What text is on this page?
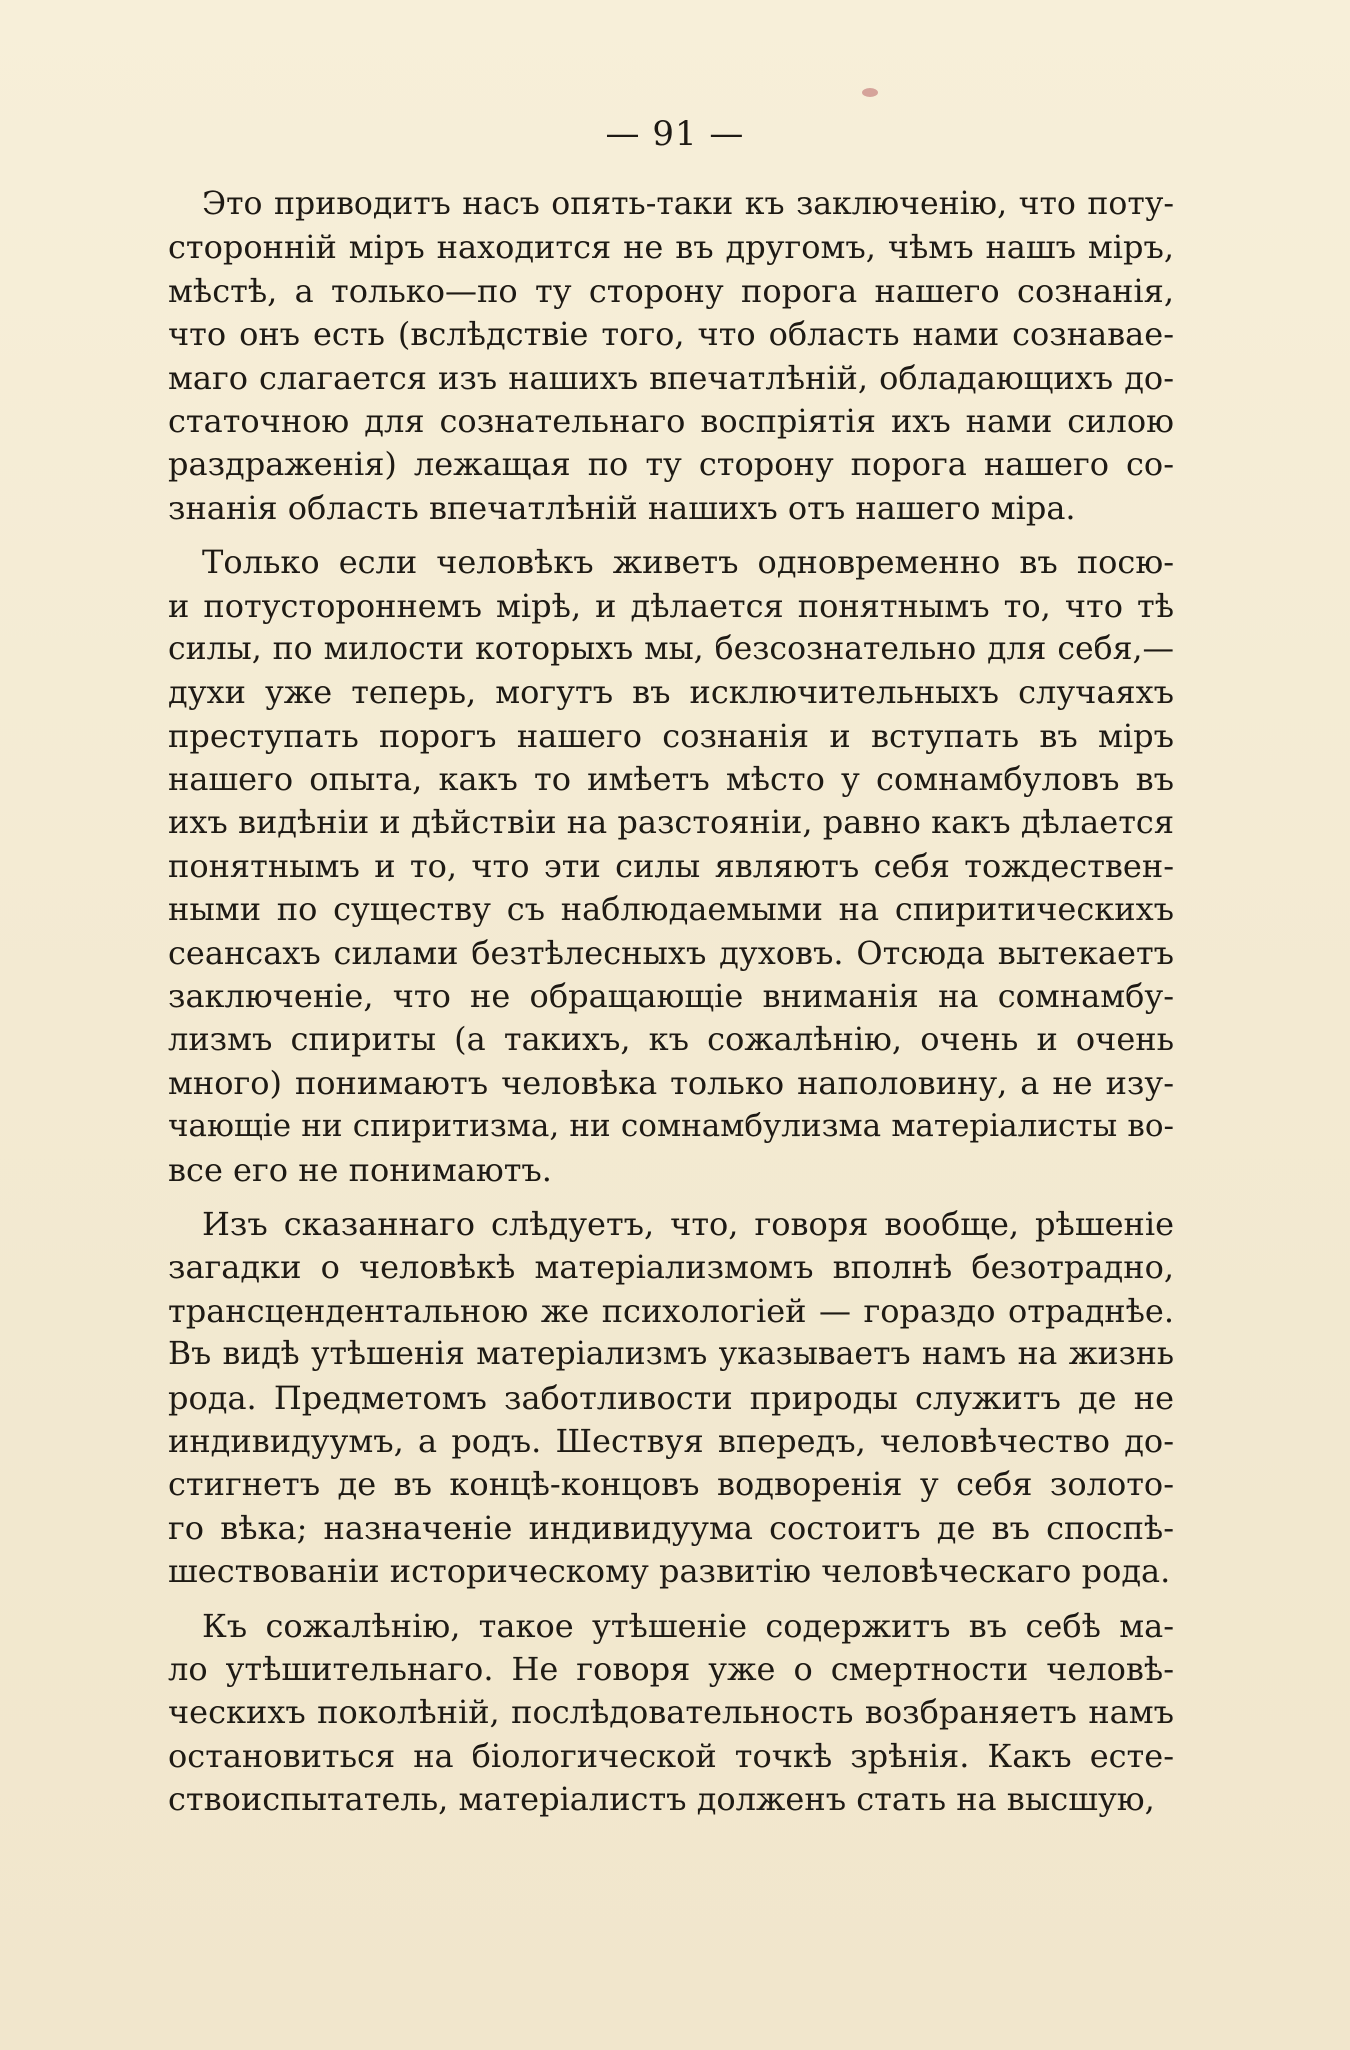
— 91 —
Это приводитъ насъ опять-таки къ заключенію, что поту-
сторонній міръ находится не въ другомъ, чѣмъ нашъ міръ,
мѣстѣ, а только—по ту сторону порога нашего сознанія,
что онъ есть (вслѣдствіе того, что область нами сознавае-
маго слагается изъ нашихъ впечатлѣній, обладающихъ до-
статочною для сознательнаго воспріятія ихъ нами силою
раздраженія) лежащая по ту сторону порога нашего со-
знанія область впечатлѣній нашихъ отъ нашего міра.
Только если человѣкъ живетъ одновременно въ посю-
и потустороннемъ мірѣ, и дѣлается понятнымъ то, что тѣ
силы, по милости которыхъ мы, безсознательно для себя,—
духи уже теперь, могутъ въ исключительныхъ случаяхъ
преступать порогъ нашего сознанія и вступать въ міръ
нашего опыта, какъ то имѣетъ мѣсто у сомнамбуловъ въ
ихъ видѣніи и дѣйствіи на разстояніи, равно какъ дѣлается
понятнымъ и то, что эти силы являютъ себя тождествен-
ными по существу съ наблюдаемыми на спиритическихъ
сеансахъ силами безтѣлесныхъ духовъ. Отсюда вытекаетъ
заключеніе, что не обращающіе вниманія на сомнамбу-
лизмъ спириты (а такихъ, къ сожалѣнію, очень и очень
много) понимаютъ человѣка только наполовину, а не изу-
чающіе ни спиритизма, ни сомнамбулизма матеріалисты во-
все его не понимаютъ.
Изъ сказаннаго слѣдуетъ, что, говоря вообще, рѣшеніе
загадки о человѣкѣ матеріализмомъ вполнѣ безотрадно,
трансцендентальною же психологіей — гораздо отраднѣе.
Въ видѣ утѣшенія матеріализмъ указываетъ намъ на жизнь
рода. Предметомъ заботливости природы служитъ де не
индивидуумъ, а родъ. Шествуя впередъ, человѣчество до-
стигнетъ де въ концѣ-концовъ водворенія у себя золото-
го вѣка; назначеніе индивидуума состоитъ де въ споспѣ-
шествованіи историческому развитію человѣческаго рода.
Къ сожалѣнію, такое утѣшеніе содержитъ въ себѣ ма-
ло утѣшительнаго. Не говоря уже о смертности человѣ-
ческихъ поколѣній, послѣдовательность возбраняетъ намъ
остановиться на біологической точкѣ зрѣнія. Какъ есте-
ствоиспытатель, матеріалистъ долженъ стать на высшую,
